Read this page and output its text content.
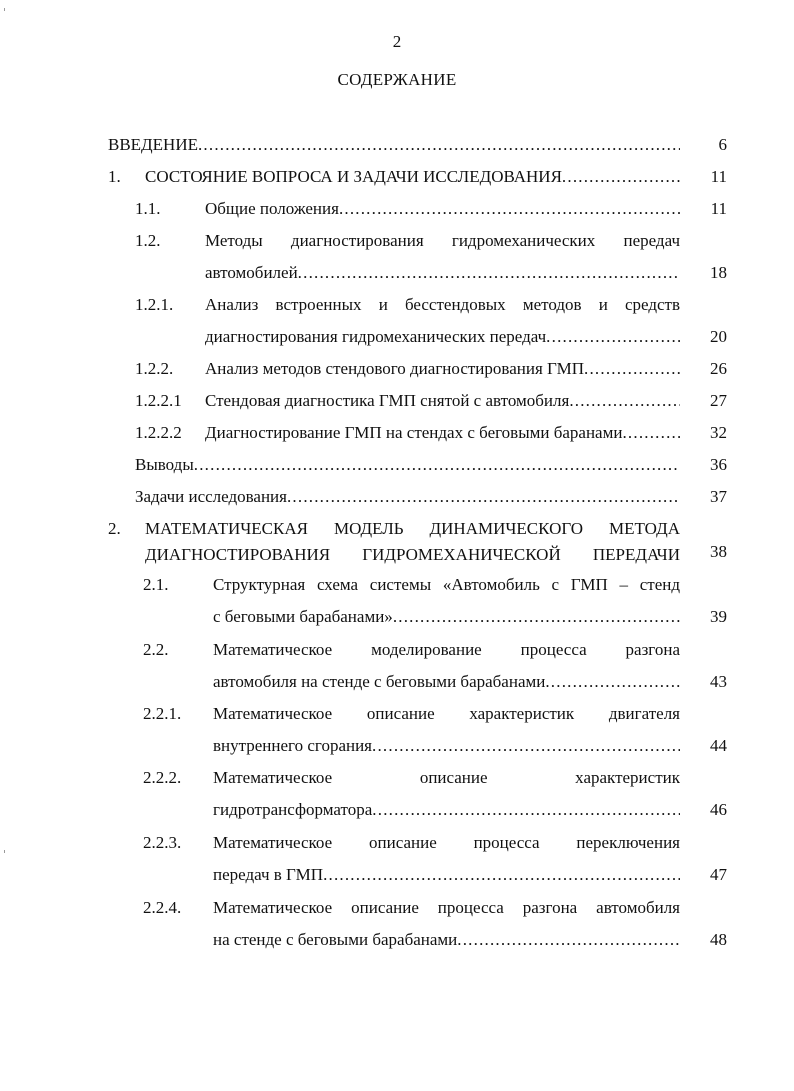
2
СОДЕРЖАНИЕ
ВВЕДЕНИЕ .....	6
1. СОСТОЯНИЕ ВОПРОСА И ЗАДАЧИ ИССЛЕДОВАНИЯ .....	11
1.1.	Общие положения .....	11
1.2.	Методы диагностирования гидромеханических передач
автомобилей .....	18
1.2.1. Анализ встроенных и бесстендовых методов и средств
диагностирования гидромеханических передач .....	20
1.2.2. Анализ методов стендового диагностирования ГМП .....	26
1.2.2.1 Стендовая диагностика ГМП снятой с автомобиля .....	27
1.2.2.2 Диагностирование ГМП на стендах с беговыми баранами .....	32
Выводы .....	36
Задачи исследования .....	37
2. МАТЕМАТИЧЕСКАЯ МОДЕЛЬ ДИНАМИЧЕСКОГО МЕТОДА
ДИАГНОСТИРОВАНИЯ ГИДРОМЕХАНИЧЕСКОЙ ПЕРЕДАЧИ	38
2.1.	Структурная схема системы «Автомобиль с ГМП – стенд
с беговыми барабанами» .....	39
2.2.	Математическое моделирование процесса разгона
автомобиля на стенде с беговыми барабанами .....	43
2.2.1. Математическое описание характеристик двигателя
внутреннего сгорания .....	44
2.2.2. Математическое описание характеристик
гидротрансформатора .....	46
2.2.3. Математическое описание процесса переключения
передач в ГМП .....	47
2.2.4. Математическое описание процесса разгона автомобиля
на стенде с беговыми барабанами .....	48
